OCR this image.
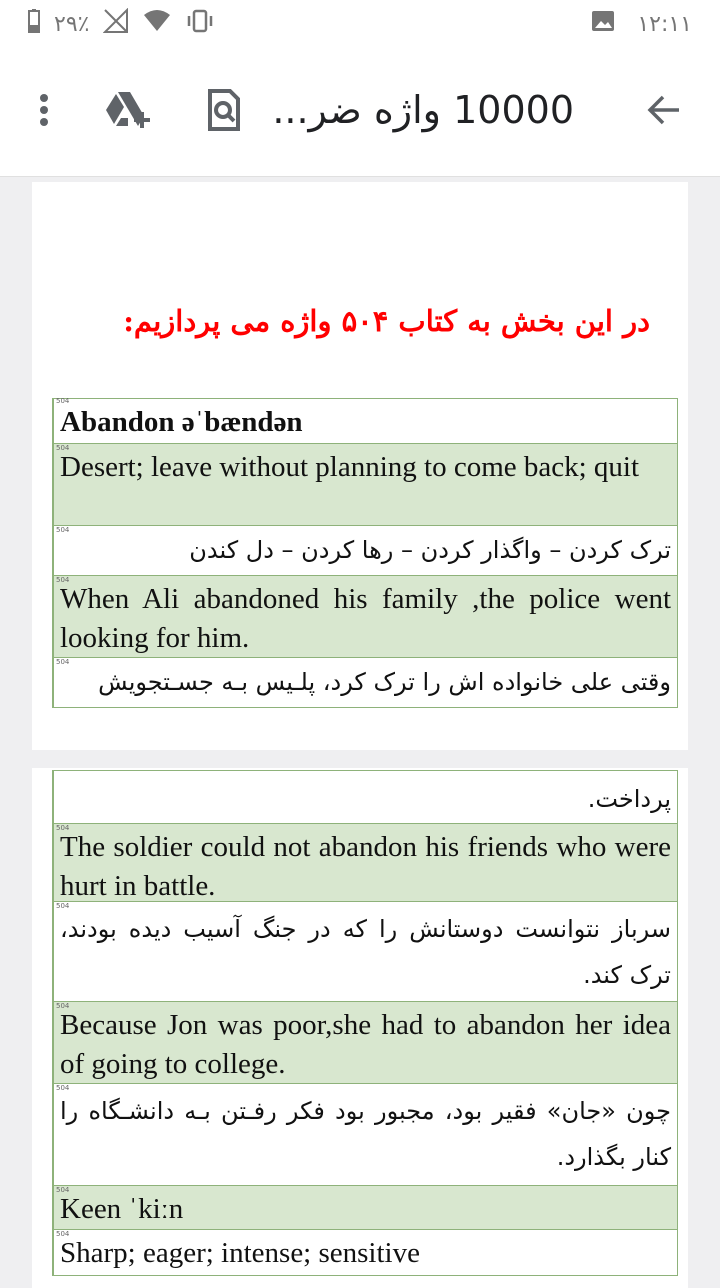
۲۹٪	۱۲:۱۱
10000 واژه ضر...
در این بخش به کتاب ۵۰۴ واژه می پردازیم:
504
Abandon əˈbændən
504
Desert; leave without planning to come back; quit
504
ترک کردن – واگذار کردن – رها کردن – دل کندن
504
When Ali abandoned his family ,the police went looking for him.
504
وقتی علی خانواده اش را ترک کرد، پلـیس بـه جسـتجویش
پرداخت.
504
The soldier could not abandon his friends who were hurt in battle.
504
سرباز نتوانست دوستانش را که در جنگ آسیب دیده بودند، ترک کند.
504
Because Jon was poor,she had to abandon her idea of going to college.
504
چون «جان» فقیر بود، مجبور بود فکر رفـتن بـه دانشـگاه را کنار بگذارد.
504
Keen ˈkiːn
504
Sharp; eager; intense; sensitive
